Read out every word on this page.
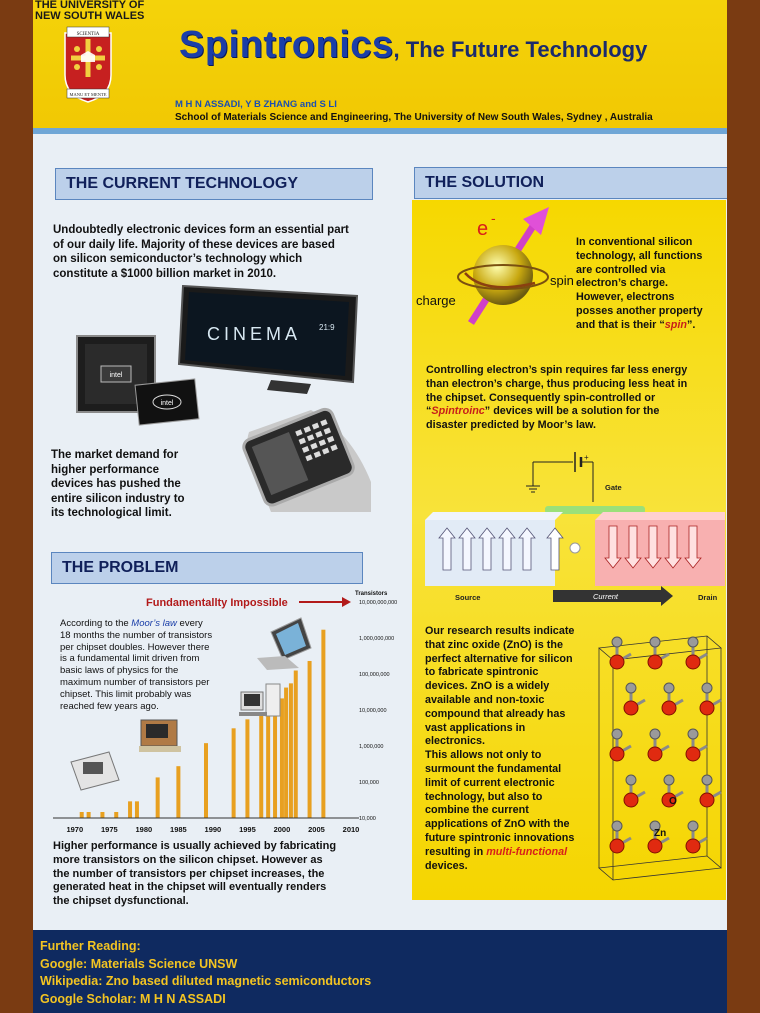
THE UNIVERSITY OF
NEW SOUTH WALES
SCIENTIA
MANU ET MENTE
Spintronics, The Future Technology
M H N ASSADI, Y B ZHANG and S LI
School of Materials Science and Engineering, The University of New South Wales, Sydney , Australia
THE CURRENT TECHNOLOGY
Undoubtedly electronic devices form an essential part
of our daily life. Majority of these devices are based
on silicon semiconductor’s technology which
constitute a $1000 billion market in 2010.
CINEMA 21:9
intel
intel
The market demand for
higher performance
devices has pushed the
entire silicon industry to
its technological limit.
THE PROBLEM
10,000,000,000
1,000,000,000
100,000,000
10,000,000
1,000,000
100,000
10,000
1970 1975 1980 1985 1990 1995 2000 2005 2010
Transistors
Fundamentallty Impossible
According to the Moor’s law every
18 months the number of transistors
per chipset doubles. However there
is a fundamental limit driven from
basic laws of physics for the
maximum number of transistors per
chipset. This limit probably was
reached few years ago.
Higher performance is usually achieved by fabricating
more transistors on the silicon chipset. However as
the number of transistors per chipset increases, the
generated heat in the chipset will eventually renders
the chipset dysfunctional.
THE SOLUTION
e -
spin
charge
In conventional silicon
technology, all functions
are controlled via
electron’s charge.
However, electrons
posses another property
and that is their “spin”.
Controlling electron’s spin requires far less energy
than electron’s charge, thus producing less heat in
the chipset. Consequently spin-controlled or
“Spintroinc” devices will be a solution for the
disaster predicted by Moor’s law.
+
Gate
Source	Current	Drain
Our research results indicate
that zinc oxide (ZnO) is the
perfect alternative for silicon
to fabricate spintronic
devices. ZnO is a widely
available and non-toxic
compound that already has
vast applications in
electronics.
This allows not only to
surmount the fundamental
limit of current electronic
technology, but also to
combine the current
applications of ZnO with the
future spintronic innovations
resulting in multi-functional
devices.
O
Zn
Further Reading:
Google: Materials Science UNSW
Wikipedia: Zno based diluted magnetic semiconductors
Google Scholar: M H N ASSADI
